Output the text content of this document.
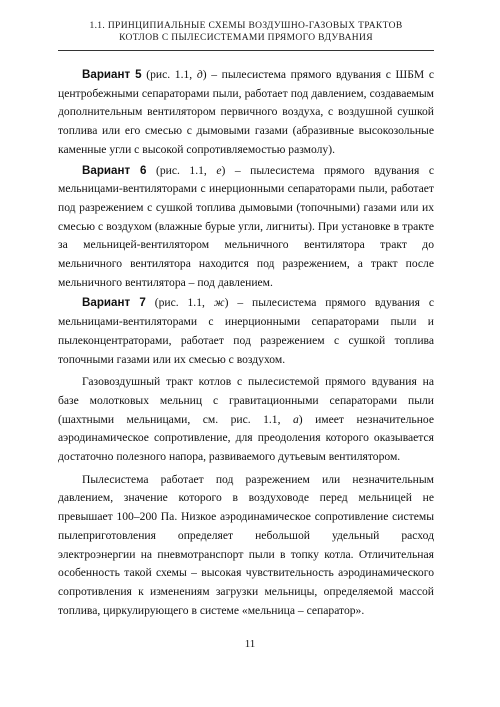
1.1. ПРИНЦИПИАЛЬНЫЕ СХЕМЫ ВОЗДУШНО-ГАЗОВЫХ ТРАКТОВ
КОТЛОВ С ПЫЛЕСИСТЕМАМИ ПРЯМОГО ВДУВАНИЯ

Вариант 5 (рис. 1.1, д) – пылесистема прямого вдувания с ШБМ с центробежными сепараторами пыли, работает под давлением, создаваемым дополнительным вентилятором первичного воздуха, с воздушной сушкой топлива или его смесью с дымовыми газами (абразивные высокозольные каменные угли с высокой сопротивляемостью размолу).

Вариант 6 (рис. 1.1, е) – пылесистема прямого вдувания с мельницами-вентиляторами с инерционными сепараторами пыли, работает под разрежением с сушкой топлива дымовыми (топочными) газами или их смесью с воздухом (влажные бурые угли, лигниты). При установке в тракте за мельницей-вентилятором мельничного вентилятора тракт до мельничного вентилятора находится под разрежением, а тракт после мельничного вентилятора – под давлением.

Вариант 7 (рис. 1.1, ж) – пылесистема прямого вдувания с мельницами-вентиляторами с инерционными сепараторами пыли и пылеконцентраторами, работает под разрежением с сушкой топлива топочными газами или их смесью с воздухом.

Газовоздушный тракт котлов с пылесистемой прямого вдувания на базе молотковых мельниц с гравитационными сепараторами пыли (шахтными мельницами, см. рис. 1.1, а) имеет незначительное аэродинамическое сопротивление, для преодоления которого оказывается достаточно полезного напора, развиваемого дутьевым вентилятором.

Пылесистема работает под разрежением или незначительным давлением, значение которого в воздуховоде перед мельницей не превышает 100–200 Па. Низкое аэродинамическое сопротивление системы пылеприготовления определяет небольшой удельный расход электроэнергии на пневмотранспорт пыли в топку котла. Отличительная особенность такой схемы – высокая чувствительность аэродинамического сопротивления к изменениям загрузки мельницы, определяемой массой топлива, циркулирующего в системе «мельница – сепаратор».

11
